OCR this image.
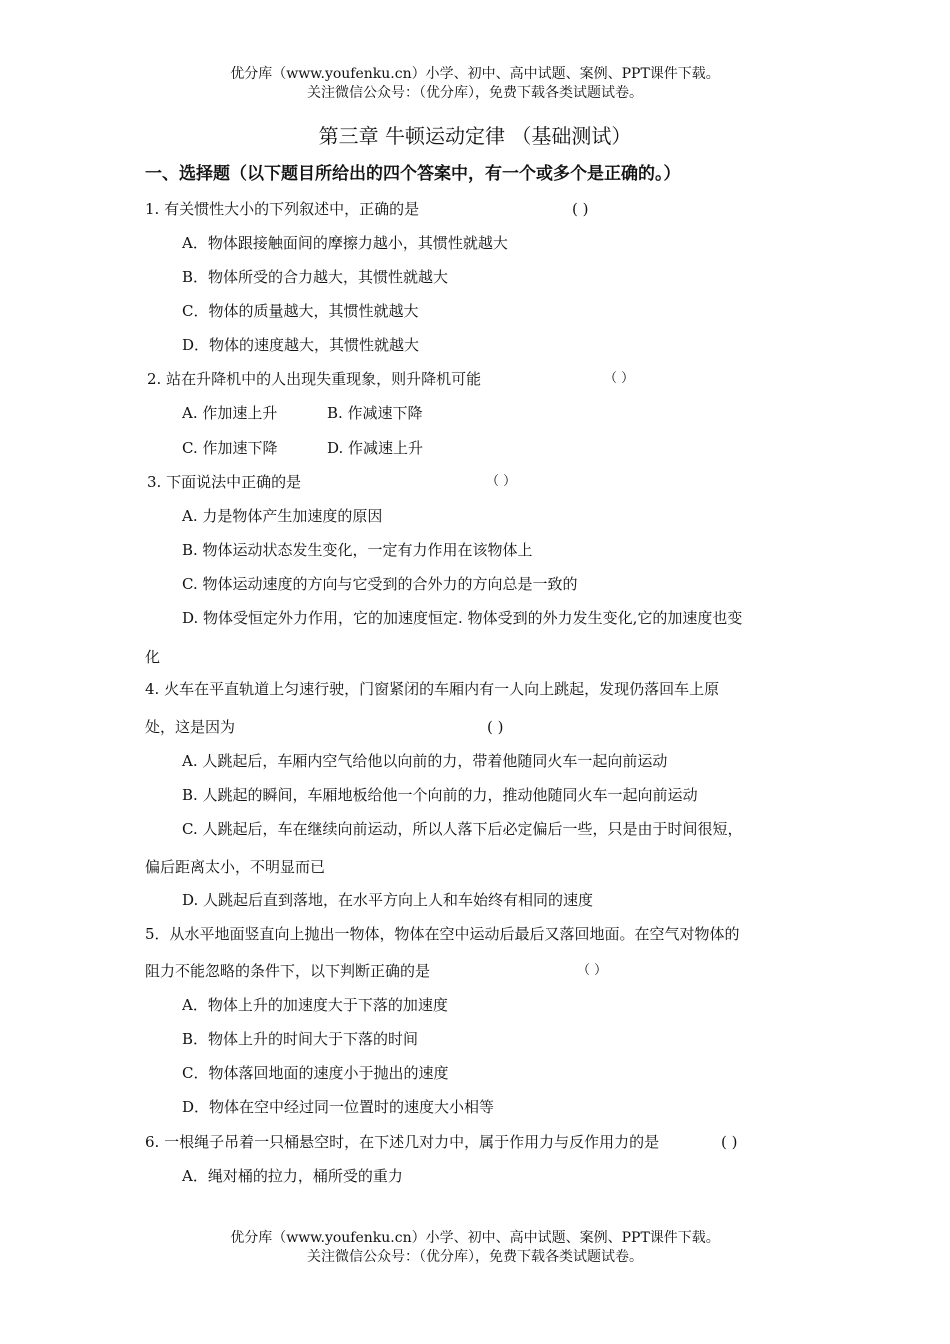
优分库（www.youfenku.cn）小学、初中、高中试题、案例、PPT课件下载。
关注微信公众号：（优分库），免费下载各类试题试卷。
第三章 牛顿运动定律 （基础测试）
一、选择题（以下题目所给出的四个答案中，有一个或多个是正确的。）
1. 有关惯性大小的下列叙述中，正确的是	( )
A．物体跟接触面间的摩擦力越小，其惯性就越大
B．物体所受的合力越大，其惯性就越大
C．物体的质量越大，其惯性就越大
D．物体的速度越大，其惯性就越大
2. 站在升降机中的人出现失重现象，则升降机可能	（ ）
A. 作加速上升	B. 作减速下降
C. 作加速下降	D. 作减速上升
3. 下面说法中正确的是	（ ）
A. 力是物体产生加速度的原因
B. 物体运动状态发生变化，一定有力作用在该物体上
C. 物体运动速度的方向与它受到的合外力的方向总是一致的
D. 物体受恒定外力作用，它的加速度恒定. 物体受到的外力发生变化,它的加速度也变
化
4. 火车在平直轨道上匀速行驶，门窗紧闭的车厢内有一人向上跳起，发现仍落回车上原
处，这是因为	( )
A. 人跳起后，车厢内空气给他以向前的力，带着他随同火车一起向前运动
B. 人跳起的瞬间，车厢地板给他一个向前的力，推动他随同火车一起向前运动
C. 人跳起后，车在继续向前运动，所以人落下后必定偏后一些，只是由于时间很短，
偏后距离太小，不明显而已
D. 人跳起后直到落地，在水平方向上人和车始终有相同的速度
5．从水平地面竖直向上抛出一物体，物体在空中运动后最后又落回地面。在空气对物体的
阻力不能忽略的条件下，以下判断正确的是	（ ）
A．物体上升的加速度大于下落的加速度
B．物体上升的时间大于下落的时间
C．物体落回地面的速度小于抛出的速度
D．物体在空中经过同一位置时的速度大小相等
6. 一根绳子吊着一只桶悬空时，在下述几对力中，属于作用力与反作用力的是	( )
A．绳对桶的拉力，桶所受的重力
优分库（www.youfenku.cn）小学、初中、高中试题、案例、PPT课件下载。
关注微信公众号：（优分库），免费下载各类试题试卷。
